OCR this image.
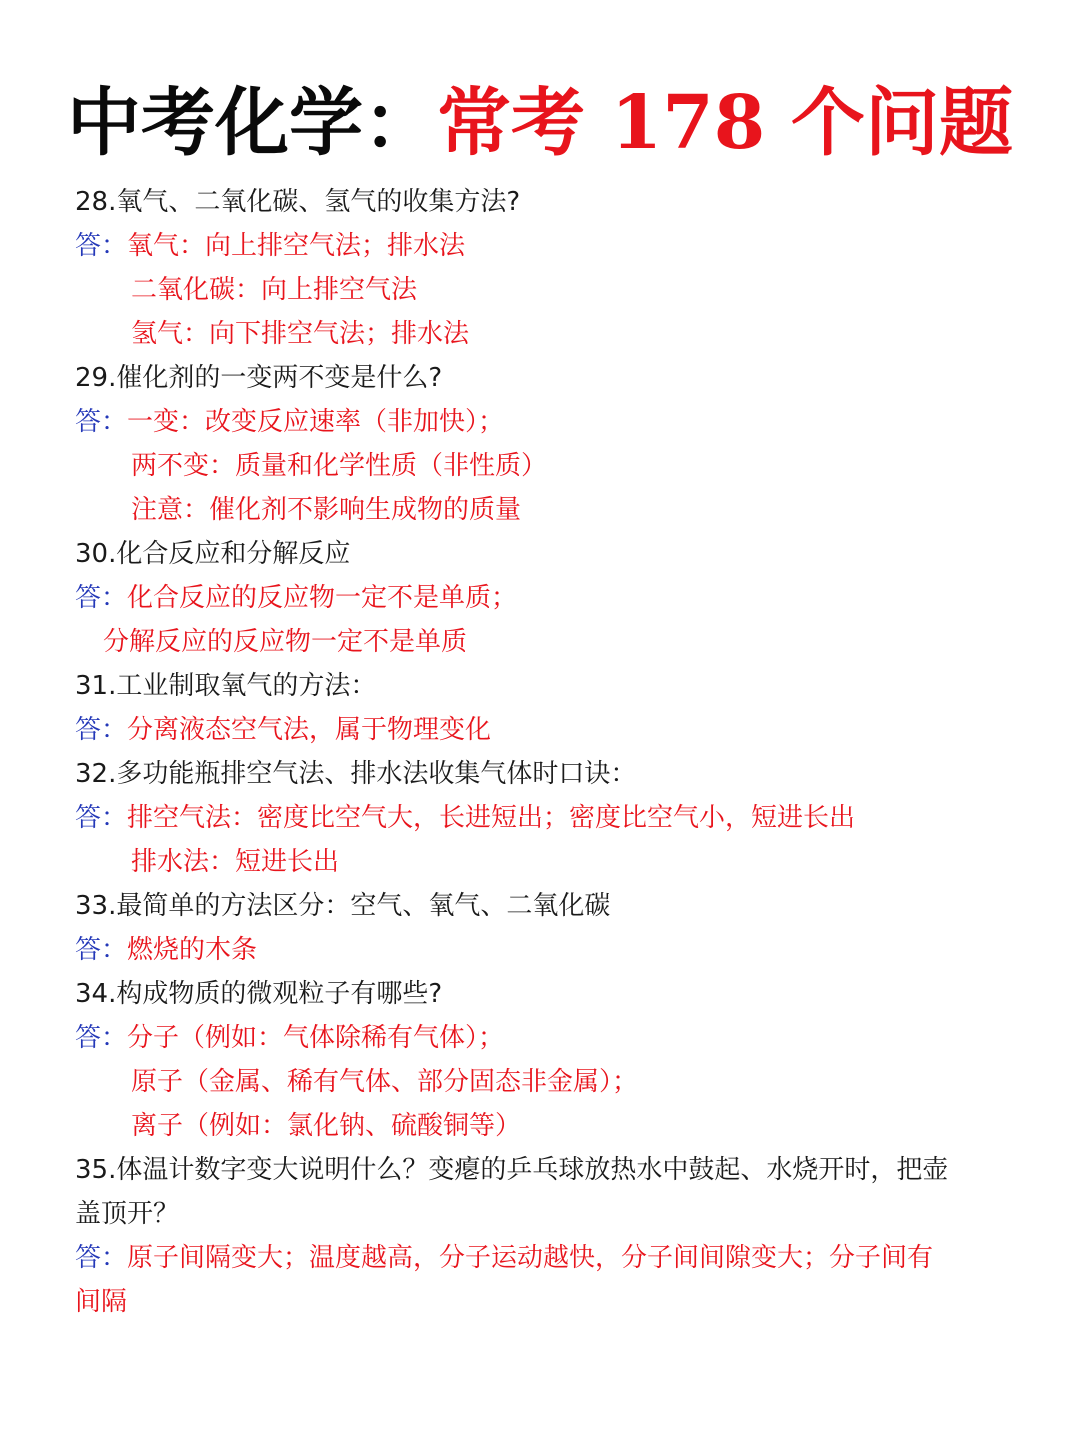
中考化学：常考 178 个问题
28.氧气、二氧化碳、氢气的收集方法?
答：氧气：向上排空气法；排水法
二氧化碳：向上排空气法
氢气：向下排空气法；排水法
29.催化剂的一变两不变是什么?
答：一变：改变反应速率（非加快）；
两不变：质量和化学性质（非性质）
注意：催化剂不影响生成物的质量
30.化合反应和分解反应
答：化合反应的反应物一定不是单质；
分解反应的反应物一定不是单质
31.工业制取氧气的方法：
答：分离液态空气法，属于物理变化
32.多功能瓶排空气法、排水法收集气体时口诀：
答：排空气法：密度比空气大，长进短出；密度比空气小，短进长出
排水法：短进长出
33.最简单的方法区分：空气、氧气、二氧化碳
答：燃烧的木条
34.构成物质的微观粒子有哪些?
答：分子（例如：气体除稀有气体）；
原子（金属、稀有气体、部分固态非金属）；
离子（例如：氯化钠、硫酸铜等）
35.体温计数字变大说明什么？变瘪的乒乓球放热水中鼓起、水烧开时，把壶
盖顶开？
答：原子间隔变大；温度越高，分子运动越快，分子间间隙变大；分子间有
间隔
